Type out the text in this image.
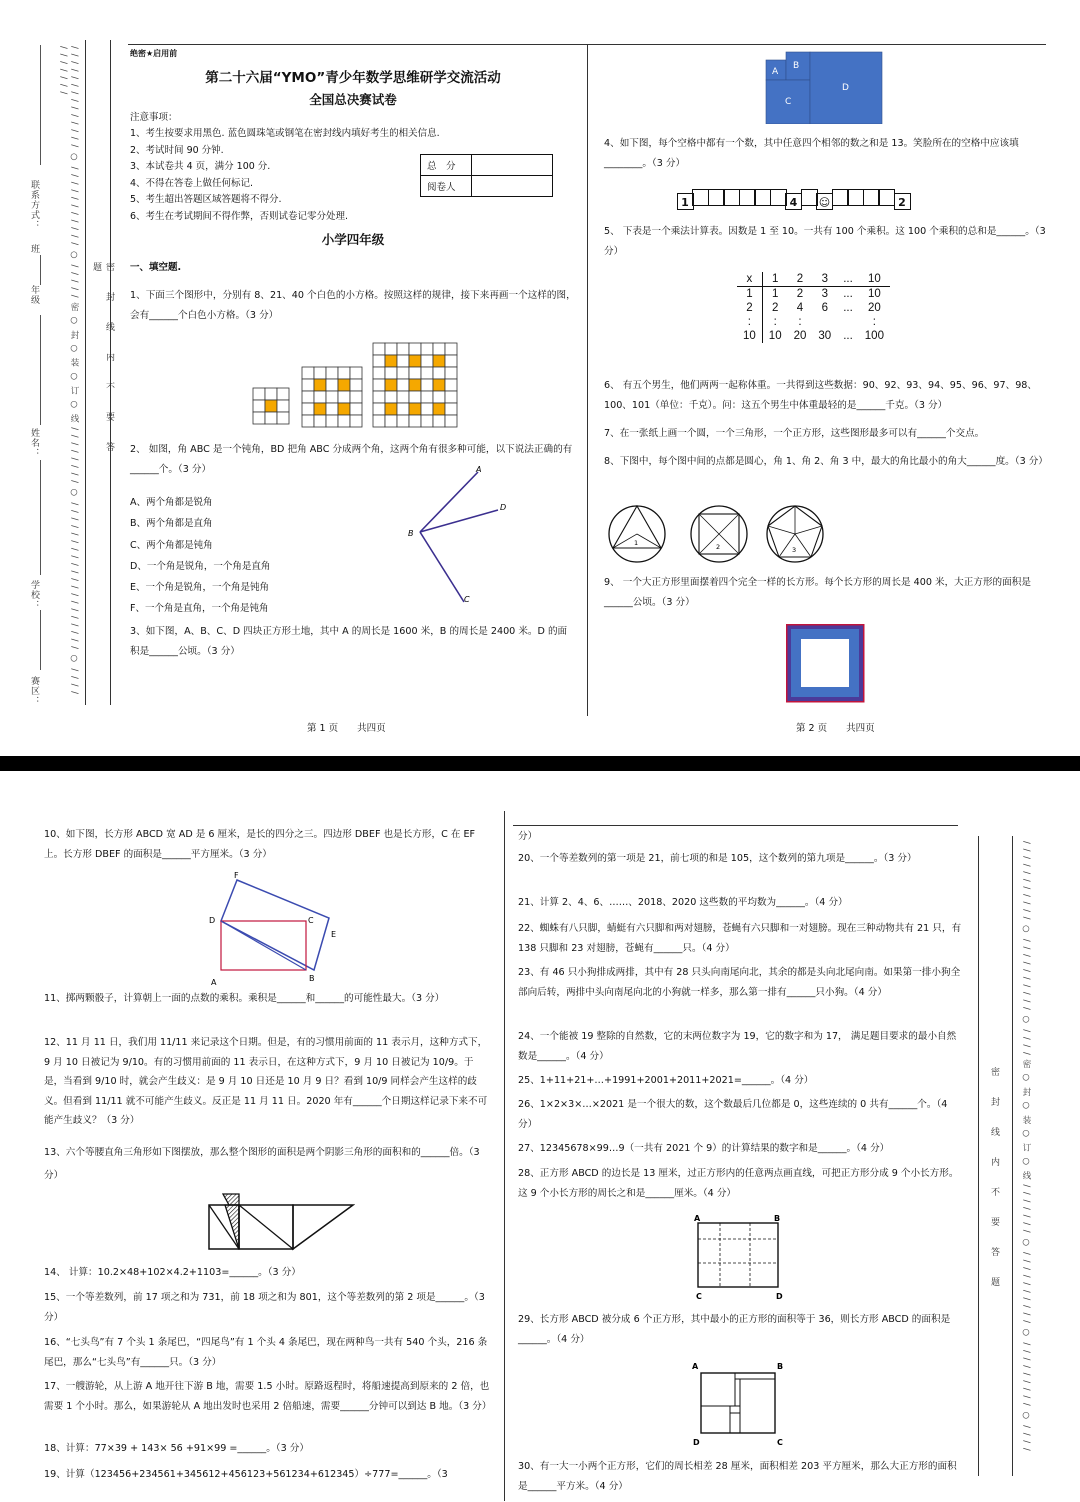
/ / / / / / / / / / / / / / ○ / / / / / / / / / / / ○ / / / / / 密 ○ 封 ○ 装 ○ 订 ○ 线 / / / / / / / / ○ / / / / / / / / / / / / / / / / / / / / ○ / / / / / / / / / / /
密　封　线　内　不　要　答　题
联系方式：
班
年级
姓名：
学校：
赛区：
绝密★启用前
第二十六届“YMO”青少年数学思维研学交流活动
全国总决赛试卷
注意事项：
1、考生按要求用黑色. 蓝色圆珠笔或钢笔在密封线内填好考生的相关信息.
2、考试时间 90 分钟.
3、本试卷共 4 页，满分 100 分.
4、不得在答卷上做任何标记.
5、考生超出答题区域答题将不得分.
6、考生在考试期间不得作弊，否则试卷记零分处理.
总　分	
阅卷人	
小学四年级
一、填空题.
1、下面三个图形中，分别有 8、21、40 个白色的小方格。按照这样的规律，接下来再画一个这样的图，会有______个白色小方格。（3 分）
2、 如图，角 ABC 是一个钝角，BD 把角 ABC 分成两个角，这两个角有很多种可能，以下说法正确的有______个。（3 分）
A、两个角都是锐角
B、两个角都是直角
C、两个角都是钝角
D、一个角是锐角，一个角是直角
E、一个角是锐角，一个角是钝角
F、一个角是直角，一个角是钝角
A
D
B
C
3、如下图，A、B、C、D 四块正方形土地，其中 A 的周长是 1600 米，B 的周长是 2400 米。D 的面积是______公顷。（3 分）
第 1 页　　共四页
A
B
C
D
4、如下图，每个空格中都有一个数，其中任意四个相邻的数之和是 13。笑脸所在的空格中应该填________。（3 分）
1	4 ☺	2
5、 下表是一个乘法计算表。因数是 1 至 10。一共有 100 个乘积。这 100 个乘积的总和是______。（3 分）
x	1	2	3	...	10
1	1	2	3	...	10
2	2	4	6	...	20
:	:	:			:
10	10	20	30	...	100
6、 有五个男生，他们两两一起称体重。一共得到这些数据：90、92、93、94、95、96、97、98、100、101（单位：千克）。问：这五个男生中体重最轻的是______千克。（3 分）
7、在一张纸上画一个圆，一个三角形，一个正方形，这些图形最多可以有______个交点。
8、下图中，每个图中间的点都是圆心，角 1、角 2、角 3 中，最大的角比最小的角大______度。（3 分）
1	2	3
9、 一个大正方形里面摆着四个完全一样的长方形。每个长方形的周长是 400 米，大正方形的面积是______公顷。（3 分）
第 2 页　　共四页
10、如下图，长方形 ABCD 宽 AD 是 6 厘米，是长的四分之三。四边形 DBEF 也是长方形，C 在 EF 上。长方形 DBEF 的面积是______平方厘米。（3 分）
F
D	C
E
A	B
11、掷两颗骰子，计算朝上一面的点数的乘积。乘积是______和______的可能性最大。（3 分）
12、11 月 11 日，我们用 11/11 来记录这个日期。但是，有的习惯用前面的 11 表示月，这种方式下，9 月 10 日被记为 9/10。有的习惯用前面的 11 表示日，在这种方式下，9 月 10 日被记为 10/9。于是，当看到 9/10 时，就会产生歧义：是 9 月 10 日还是 10 月 9 日？看到 10/9 同样会产生这样的歧义。但看到 11/11 就不可能产生歧义。反正是 11 月 11 日。2020 年有______个日期这样记录下来不可能产生歧义？（3 分）
13、六个等腰直角三角形如下图摆放，那么整个图形的面积是两个阴影三角形的面积和的______倍。（3 分）
14、 计算：10.2×48+102×4.2+1103=______。（3 分）
15、一个等差数列，前 17 项之和为 731，前 18 项之和为 801，这个等差数列的第 2 项是______。（3 分）
16、“七头鸟”有 7 个头 1 条尾巴，“四尾鸟”有 1 个头 4 条尾巴，现在两种鸟一共有 540 个头，216 条尾巴，那么“七头鸟”有______只。（3 分）
17、一艘游轮，从上游 A 地开往下游 B 地，需要 1.5 小时。原路返程时，将船速提高到原来的 2 倍，也需要 1 个小时。那么，如果游轮从 A 地出发时也采用 2 倍船速，需要______分钟可以到达 B 地。（3 分）
18、计算：77×39 + 143× 56 +91×99 =______。（3 分）
19、计算（123456+234561+345612+456123+561234+612345）÷777=______。（3
分）
20、一个等差数列的第一项是 21，前七项的和是 105，这个数列的第九项是______。（3 分）
21、计算 2、4、6、……、2018、2020 这些数的平均数为______。（4 分）
22、蜘蛛有八只脚，蜻蜓有六只脚和两对翅膀，苍蝇有六只脚和一对翅膀。现在三种动物共有 21 只，有 138 只脚和 23 对翅膀，苍蝇有______只。（4 分）
23、有 46 只小狗排成两排，其中有 28 只头向南尾向北，其余的都是头向北尾向南。如果第一排小狗全部向后转，两排中头向南尾向北的小狗就一样多，那么第一排有______只小狗。（4 分）
24、一个能被 19 整除的自然数，它的末两位数字为 19，它的数字和为 17， 满足题目要求的最小自然数是______。（4 分）
25、1+11+21+…+1991+2001+2011+2021=______。（4 分）
26、1×2×3×…×2021 是一个很大的数，这个数最后几位都是 0，这些连续的 0 共有______个。（4 分）
27、12345678×99…9（一共有 2021 个 9）的计算结果的数字和是______。（4 分）
28、正方形 ABCD 的边长是 13 厘米，过正方形内的任意两点画直线，可把正方形分成 9 个小长方形。这 9 个小长方形的周长之和是______厘米。（4 分）
A	B
C	D
29、长方形 ABCD 被分成 6 个正方形，其中最小的正方形的面积等于 36，则长方形 ABCD 的面积是______。（4 分）
A	B
D	C
30、有一大一小两个正方形，它们的周长相差 28 厘米，面积相差 203 平方厘米，那么大正方形的面积是______平方米。（4 分）
密　封　线　内　不　要　答　题	/ / / / / / / / / / / ○ / / / / / / / / / / ○ / / / / 密 ○ 封 ○ 装 ○ 订 ○ 线 / / / / / / / ○ / / / / / / / / / / ○ / / / / / / / / / ○ / / / /
